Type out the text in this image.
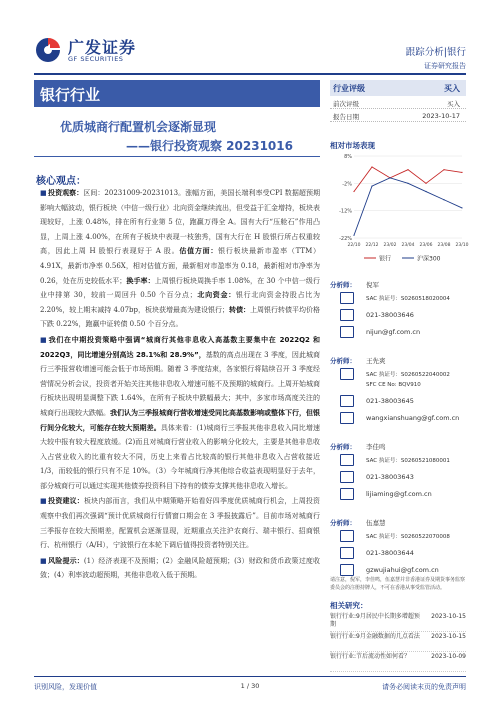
广发证券
GF SECURITIES
跟踪分析|银行
证券研究报告
银行行业
优质城商行配置机会逐渐显现
——银行投资观察 20231016
核心观点：

■投资观察：区间：20231009-20231013。涨幅方面，美国长端利率受CPI 数据超预期影响大幅波动，银行板块（中信一级行业）北向资金继续流出，但受益于汇金增持，板块表现较好，上涨 0.48%，排在所有行业第 5 位，跑赢万得全 A。国有大行“压舱石”作用凸显，上周上涨 4.00%，在所有子板块中表现一枝独秀，国有大行在 H 股银行所占权重较高，因此上周 H 股银行表现好于 A 股。估值方面：银行板块最新市盈率（TTM）4.91X，最新市净率 0.56X，相对估值方面，最新相对市盈率为 0.18，最新相对市净率为 0.26，处在历史较低水平；换手率：上周银行板块周换手率 1.08%，在 30 个中信一级行业中排第 30，较前一周回升 0.50 个百分点；北向资金：银行北向资金持股占比为 2.20%，较上期末减持 4.07bp，板块获增最高为建设银行；转债：上周银行转债平均价格下跌 0.22%，跑赢中证转债 0.50 个百分点。

■我们在中期投资策略中强调“城商行其他非息收入高基数主要集中在 2022Q2 和 2022Q3，同比增速分别高达 28.1%和 28.9%”，基数的高点出现在 3 季度，因此城商行三季报营收增速可能会低于市场预期。随着 3 季度结束，各家银行将陆续召开 3 季度经营情况分析会议，投资者开始关注其他非息收入增速可能不及预期的城商行。上周开始城商行板块出现明显调整下跌 1.64%，在所有子板块中跌幅最大；其中，多家市场高度关注的城商行出现较大跌幅。我们认为三季报城商行营收增速受同比高基数影响或整体下行，但银行间分化较大，可能存在较大预期差。具体来看：(1)城商行三季报其他非息收入同比增速大较中报有较大程度放缓。(2)而且对城商行营业收入的影响分化较大，主要是其他非息收入占营业收入的比重有较大不同，历史上来看占比较高的银行其他非息收入占营收接近 1/3，而较低的银行只有不足 10%。（3）今年城商行净其他综合收益表现明显好于去年，部分城商行可以通过实现其他债券投资科目下持有的债券支撑其他非息收入增长。

■投资建议：板块内部而言，我们从中期策略开始看好四季度优质城商行机会，上周投资观察中我们再次强调“预计优质城商行行情窗口期会在 3 季报披露后”。目前市场对城商行三季报存在较大预期差，配置机会逐渐显现，近期重点关注沪农商行、瑞丰银行、招商银行、杭州银行（A/H），宁波银行在本轮下调后值得投资者特别关注。

■风险提示：(1）经济表现不及预期；(2）金融风险超预期；(3）财政和货币政策过度收敛；(4）利率波动超预期，其他非息收入低于预期。

行业评级	买入
前次评级	买入
报告日期	2023-10-17
相对市场表现
8%
-2%
-12%
-22%
22/10 22/12 23/02 23/04 23/06 23/08 23/10
银行	沪深300
分析师： 倪军
SAC 执证号：S0260518020004
021-38003646
nijun@gf.com.cn
分析师： 王先爽
SAC 执证号：S0260522040002
SFC CE No: BQV910
021-38003645
wangxianshuang@gf.com.cn
分析师： 李佳鸣
SAC 执证号：S0260521080001
021-38003643
lijiaming@gf.com.cn
分析师： 伍嘉慧
SAC 执证号：S0260522070008
021-38003644
gzwujiahui@gf.com.cn
请注意，倪军，李佳鸣，伍嘉慧并非香港证券及期货事务监察委员会的注册持牌人，不可在香港从事受监管活动。
相关研究：
银行行业:9月居民中长期多增超预期
2023-10-15
银行行业:9月金融数据的几点看法 2023-10-15
银行行业:节后流动性如何看？	2023-10-09
识别风险，发现价值	1 / 30	请务必阅读末页的免责声明
